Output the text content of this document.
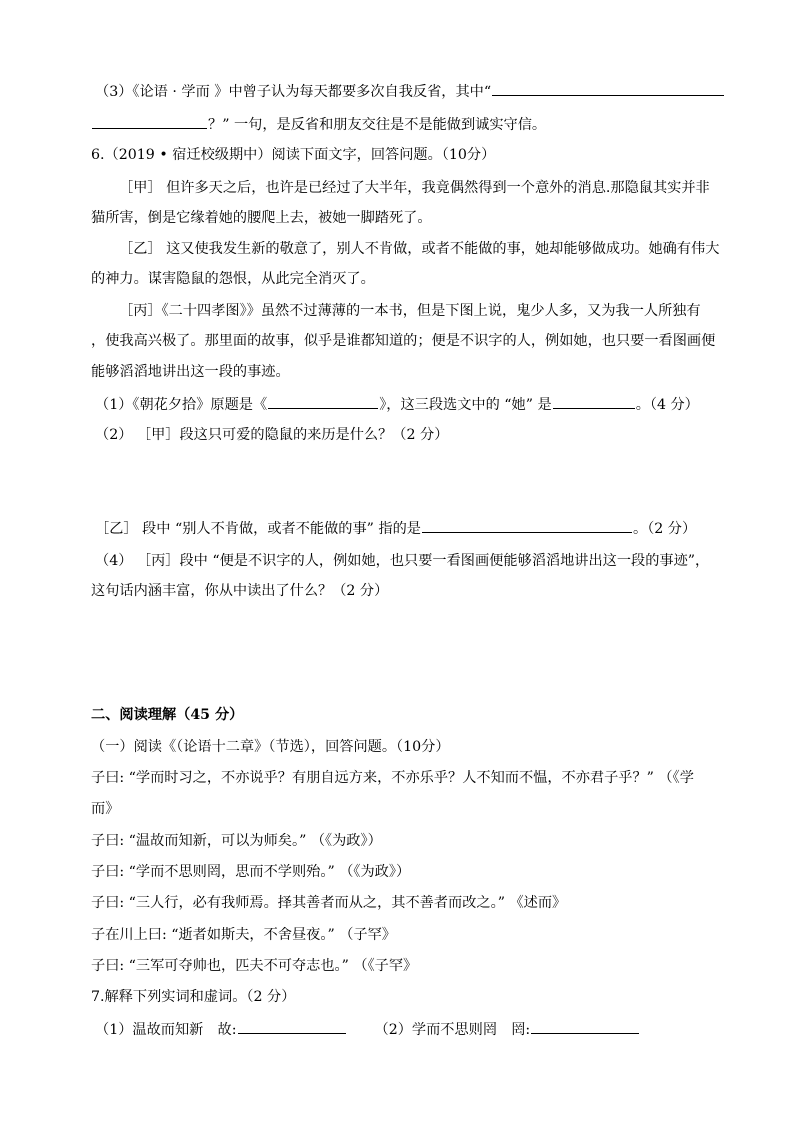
（3）《论语 · 学而 》中曾子认为每天都要多次自我反省，其中“
？” 一句，是反省和朋友交往是不是能做到诚实守信。
6.（2019 • 宿迁校级期中）阅读下面文字，回答问题。（10分）
［甲］ 但许多天之后，也许是已经过了大半年，我竟偶然得到一个意外的消息.那隐鼠其实并非
猫所害，倒是它缘着她的腰爬上去，被她一脚踏死了。
［乙］ 这又使我发生新的敬意了，别人不肯做，或者不能做的事，她却能够做成功。她确有伟大
的神力。谋害隐鼠的怨恨，从此完全消灭了。
［丙］《二十四孝图》》虽然不过薄薄的一本书，但是下图上说，鬼少人多，又为我一人所独有
，使我高兴极了。那里面的故事，似乎是谁都知道的；便是不识字的人，例如她，也只要一看图画便
能够滔滔地讲出这一段的事迹。
（1）《朝花夕拾》原题是《	》，这三段选文中的 “她” 是	。（4 分）
（2） ［甲］段这只可爱的隐鼠的来历是什么？（2 分）
［乙］ 段中 “别人不肯做，或者不能做的事” 指的是	。（2 分）
（4） ［丙］段中 “便是不识字的人，例如她，也只要一看图画便能够滔滔地讲出这一段的事迹”，
这句话内涵丰富，你从中读出了什么？（2 分）
二、阅读理解（45 分）
（一）阅读《（论语十二章》（节选），回答问题。（10分）
子曰: “学而时习之，不亦说乎？有朋自远方来，不亦乐乎？人不知而不愠，不亦君子乎？” （《学
而》
子曰: “温故而知新，可以为师矣。” （《为政》）
子曰: “学而不思则罔，思而不学则殆。” （《为政》）
子曰: “三人行，必有我师焉。择其善者而从之，其不善者而改之。” 《述而》
子在川上曰: “逝者如斯夫，不舍昼夜。” （子罕》
子曰: “三军可夺帅也，匹夫不可夺志也。” （《子罕》
7.解释下列实词和虚词。（2 分）
（1）温故而知新　故:	（2）学而不思则罔　罔:
